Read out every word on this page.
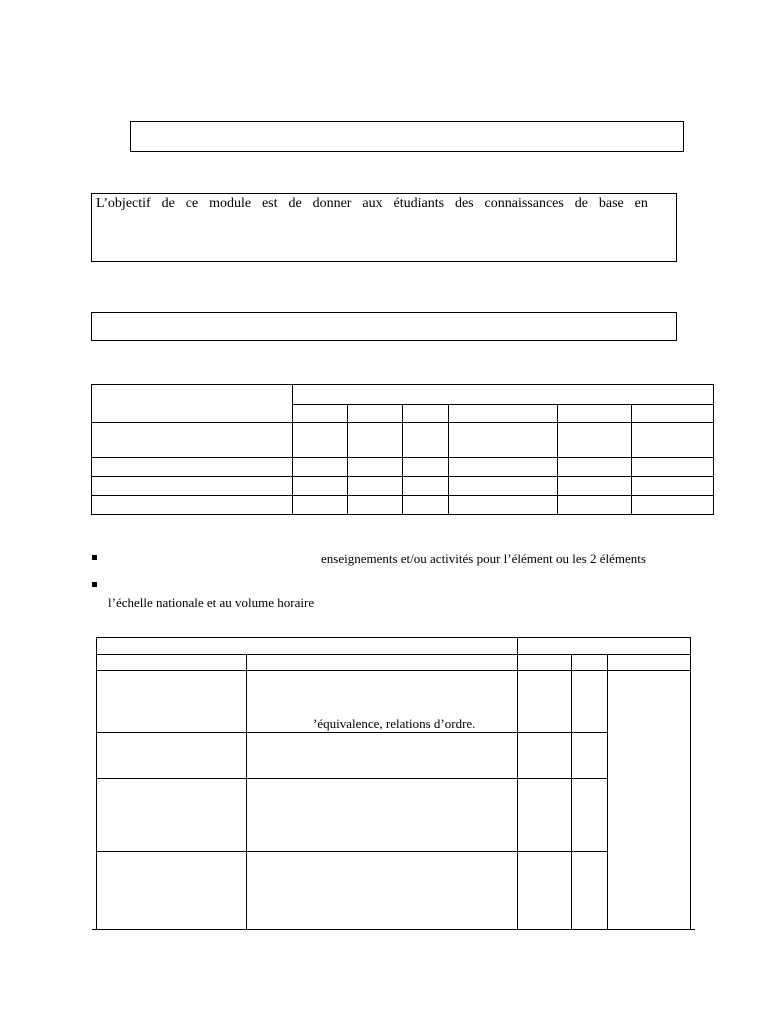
L’objectif de ce module est de donner aux étudiants des connaissances de base en
enseignements et/ou activités pour l’élément ou les 2 éléments
l’échelle nationale et au volume horaire
’équivalence, relations d’ordre.
